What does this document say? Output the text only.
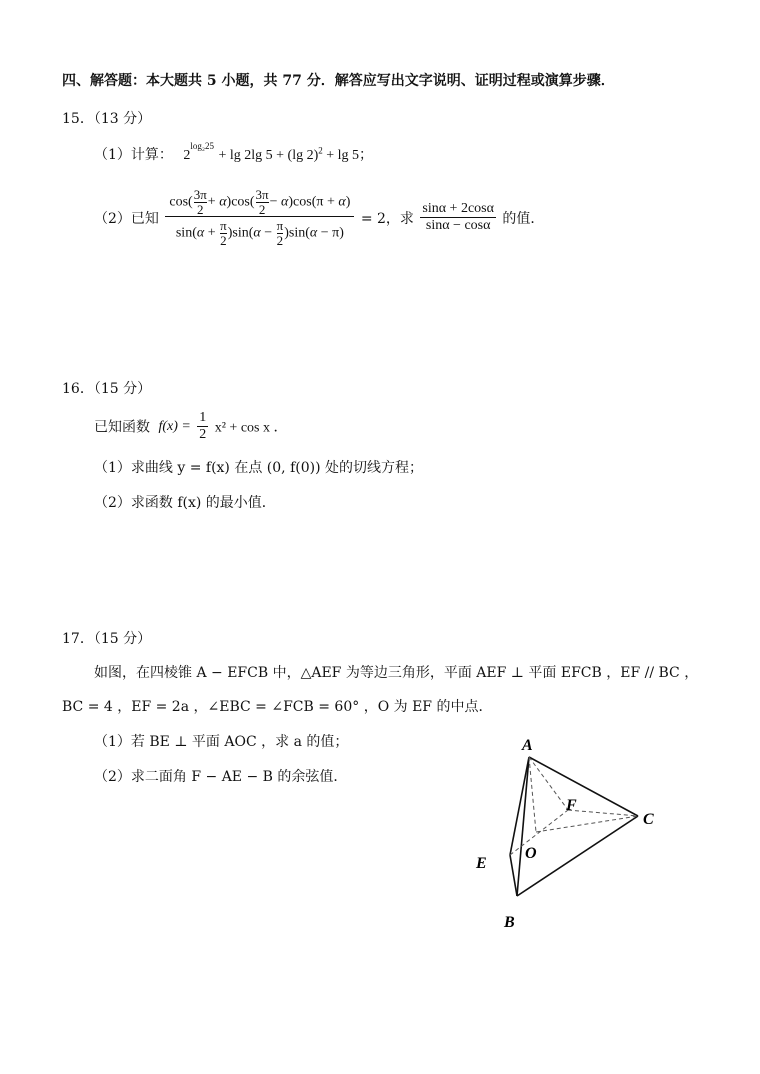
四、解答题：本大题共 5 小题，共 77 分．解答应写出文字说明、证明过程或演算步骤．
15．（13 分）
（1）计算： $2^{log_225} + \lg 2\lg$ 5 + (lg 2)$^2$ + lg 5；
（2）已知 $\frac{\cos( \frac{3\pi}{2} + \alpha)\cos( \frac{3\pi}{2} - \alpha)\cos(\pi + \alpha)}{\sin(\alpha + \frac{\pi}{2} )\sin(\alpha - \frac{\pi}{2} )\sin(\alpha - \pi)} = 2$，求 $\frac{\sin\alpha + 2\cos\alpha}{\sin\alpha - \cos\alpha}$ 的值．
16．（15 分）
已知函数 $f(x) = \frac{1}{2} x^2 + \cos x$ ．
（1）求曲线 y = f(x) 在点 (0, f(0)) 处的切线方程；
（2）求函数 f(x) 的最小值．
17．（15 分）
如图，在四棱锥 A − EFCB 中，△AEF 为等边三角形，平面 AEF ⊥ 平面 EFCB ，EF // BC ，
BC = 4 ，EF = 2a ，∠EBC = ∠FCB = 60° ，O 为 EF 的中点．
（1）若 BE ⊥ 平面 AOC ，求 a 的值；
（2）求二面角 F − AE − B 的余弦值．
A
F
C
O
E
B
